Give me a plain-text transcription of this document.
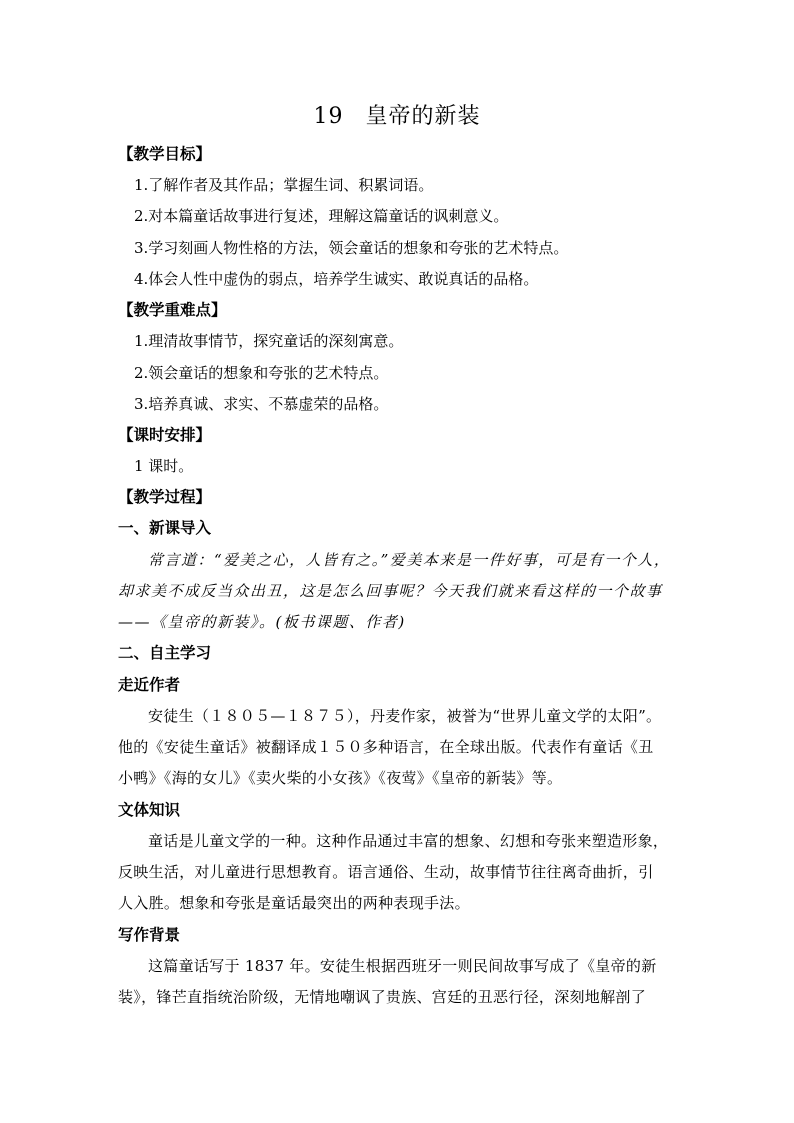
19 皇帝的新装
【教学目标】
1.了解作者及其作品；掌握生词、积累词语。
2.对本篇童话故事进行复述，理解这篇童话的讽刺意义。
3.学习刻画人物性格的方法，领会童话的想象和夸张的艺术特点。
4.体会人性中虚伪的弱点，培养学生诚实、敢说真话的品格。
【教学重难点】
1.理清故事情节，探究童话的深刻寓意。
2.领会童话的想象和夸张的艺术特点。
3.培养真诚、求实、不慕虚荣的品格。
【课时安排】
1 课时。
【教学过程】
一、新课导入
常言道：“爱美之心，人皆有之。”爱美本来是一件好事，可是有一个人，
却求美不成反当众出丑，这是怎么回事呢？今天我们就来看这样的一个故事
——《皇帝的新装》。(板书课题、作者)
二、自主学习
走近作者
安徒生（１８０５—１８７５），丹麦作家，被誉为“世界儿童文学的太阳”。
他的《安徒生童话》被翻译成１５０多种语言，在全球出版。代表作有童话《丑
小鸭》《海的女儿》《卖火柴的小女孩》《夜莺》《皇帝的新装》等。
文体知识
童话是儿童文学的一种。这种作品通过丰富的想象、幻想和夸张来塑造形象，
反映生活，对儿童进行思想教育。语言通俗、生动，故事情节往往离奇曲折，引
人入胜。想象和夸张是童话最突出的两种表现手法。
写作背景
这篇童话写于 1837 年。安徒生根据西班牙一则民间故事写成了《皇帝的新
装》，锋芒直指统治阶级，无情地嘲讽了贵族、宫廷的丑恶行径，深刻地解剖了
